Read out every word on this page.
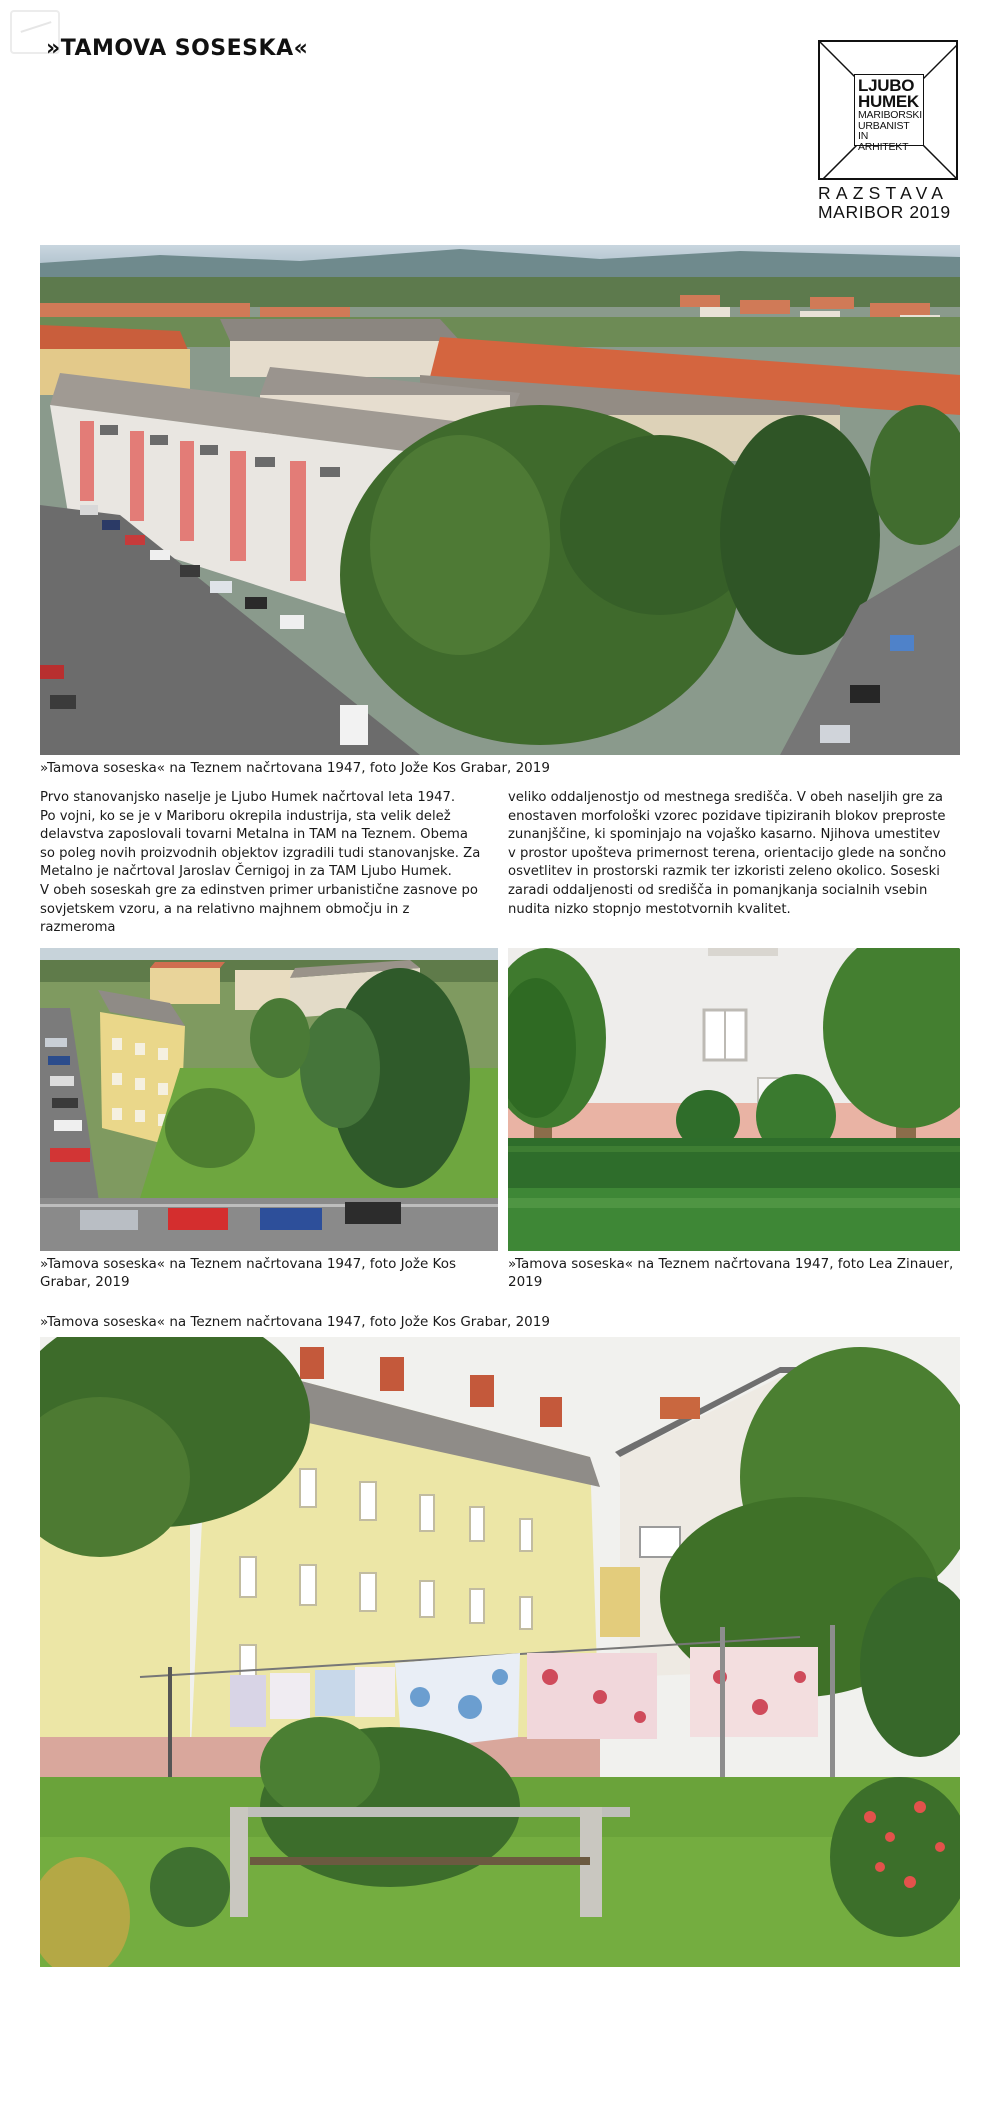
»TAMOVA SOSESKA«
LJUBO
HUMEK
MARIBORSKI
URBANIST
IN ARHITEKT
RAZSTAVA
MARIBOR 2019
»Tamova soseska« na Teznem načrtovana 1947, foto Jože Kos Grabar, 2019
Prvo stanovanjsko naselje je Ljubo Humek načrtoval leta 1947.
Po vojni, ko se je v Mariboru okrepila industrija, sta velik delež
delavstva zaposlovali tovarni Metalna in TAM na Teznem. Obema
so poleg novih proizvodnih objektov izgradili tudi stanovanjske. Za
Metalno je načrtoval Jaroslav Černigoj in za TAM Ljubo Humek.
V obeh soseskah gre za edinstven primer urbanistične zasnove po
sovjetskem vzoru, a na relativno majhnem območju in z razmeroma
veliko oddaljenostjo od mestnega središča. V obeh naseljih gre za
enostaven morfološki vzorec pozidave tipiziranih blokov preproste
zunanjščine, ki spominjajo na vojaško kasarno. Njihova umestitev
v prostor upošteva primernost terena, orientacijo glede na sončno
osvetlitev in prostorski razmik ter izkoristi zeleno okolico. Soseski
zaradi oddaljenosti od središča in pomanjkanja socialnih vsebin
nudita nizko stopnjo mestotvornih kvalitet.
»Tamova soseska« na Teznem načrtovana 1947, foto Jože Kos Grabar, 2019
»Tamova soseska« na Teznem načrtovana 1947, foto Lea Zinauer, 2019
»Tamova soseska« na Teznem načrtovana 1947, foto Jože Kos Grabar, 2019
